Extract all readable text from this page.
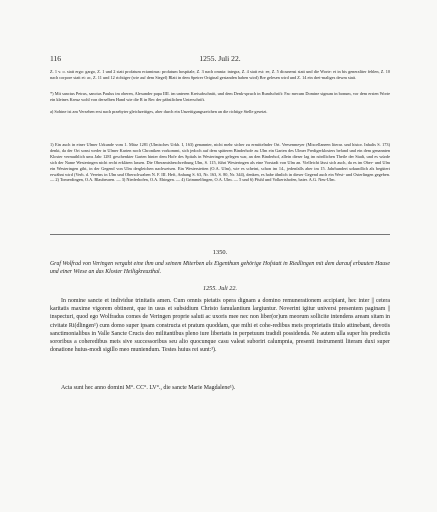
116	1255. Juli 22.

Z. 1 v. o. statt ergo: gargo, Z. 1 und 2 statt profatum eciaminus: profatum hospitale, Z. 3 nach omnia: integra, Z. 4 statt est: ee, Z. 5 dicunensi statt und die Worte: et in bis generaliter fehlen, Z. 10 nach corpore statt et: ac, Z. 11 und 12 richtiger (wie auf dem Siegel) Blatt in dem Speirer Original gestanden haben wird) Bre gelesen wird und Z. 14 ein drei-maliges dewm statt.

*) Mit sanctus Petrus, sanctus Paulus im oberen, Alexander papa IIII. im unteren Kreisabschnitt, und dem Denk-spruch in Rundschrift: Fac mecum Domine signum in bonum, vor dem ersten Worte ein kleines Kreuz wohl von derselben Hand wie die R in Rec der päbstlichen Unterschrift.

a) Sobine ist am Versehen erst nach praebyter gleichzeitiges, aber durch ein Unzeitigungszeichen an die richtige Stelle gesetzt.

1) Ein auch in einer Ulmer Urkunde vom 1. März 1281 (Ulmisches Urkb. I, 163) genannter, nicht mehr sicher zu ermittelnder Ort. Veesenmeyer (Miscellaneen literar. und histor. Inhalts S. 173) denkt, da der Ort sonst weder in Ulmer Karten noch Chroniken vorkommt, sich jedoch auf dem späteren Binderhofe zu Ulm ein Garten des Ulmer Predigerklosters befand und ein dem genannten Kloster vermuthlich ums Jahr 1281 geschenkter Garten hinter dem Hofe des Spitals in Westeringen gelegen war, an den Binderhof, allein dieser lag im nördlichen Theile der Stadt, und es würde sich der Name Westeringen nicht recht erklären lassen. Die Oberamtsbeschreibung Ulm, S. 115, führt Westeringen als eine Vorstadt von Ulm an. Vielleicht lässt sich auch, da es im Ober- und Ulm ein Westeringen gibt, in der Gegend von Ulm dergleichen nachweisen. Ein Westerstetten (O.A. Ulm), wie es scheint, schon im 14., jedenfalls aber im 15. Jahrhundert urkundlich als begütert erwähnt wird (Verh. d. Vereins in Ulm und Oberschwaben N. F. III. Heft, Anhang S. 63, Nr. 163, S. 80, Nr. 344), denken, es habe ähnlich in dieser Gegend auch ein West- und Osterlingen gegeben. — 2) Tomerdingen, O.A. Blaubeuren. — 3) Niederhofen, O.A. Ehingen. — 4) Grimmelfingen, O.A. Ulm. — 5 und 6) Pfuhl und Volkertshofen, baier. A.G. Neu-Ulm.

1350.

Graf Wolfrad von Veringen vergabt eine ihm und seinem Miterben als Eigenthum gehörige Hofstatt in Riedlingen mit dem darauf erbauten Hause und einer Wiese an das Kloster Heiligkreuzthal.

1255. Juli 22.

In nomine sancte et individue trinitatis amen. Cum omnis pietatis opera dignam a domino remunerationem accipiant, hec inter || cetera karitatis maxime vigorem obtinent, que in usus et subsidium Christo famulantium largiuntur. Noverint igitur universi presentem paginam || inspecturi, quod ego Wolfradus comes de Veringen proprie saluti ac uxoris mee nec non liber(or)um meorum sollicite intendens aream sitam in civitate Ri(dlingen¹) cum domo super ipsam constructa et pratum quoddam, que mihi et cohe-redibus meis proprietatis titulo attinebant, devotis sanctimonialibus in Valle Sancte Crucis deo militantibus pleno iure libertatis in perpetuum tradidi possidenda. Ne autem ulla super his predictis sororibus a coheredibus meis sive successoribus seu alio quocunque casu valeat suboriri calumpnia, presenti instrumenti literam duxi super donatione huius-modi sigillo meo muniendum. Testes huius rei sunt:³).

Acta sunt hec anno domini M°. CC°. LV°., die sancte Marie Magdalene¹).
